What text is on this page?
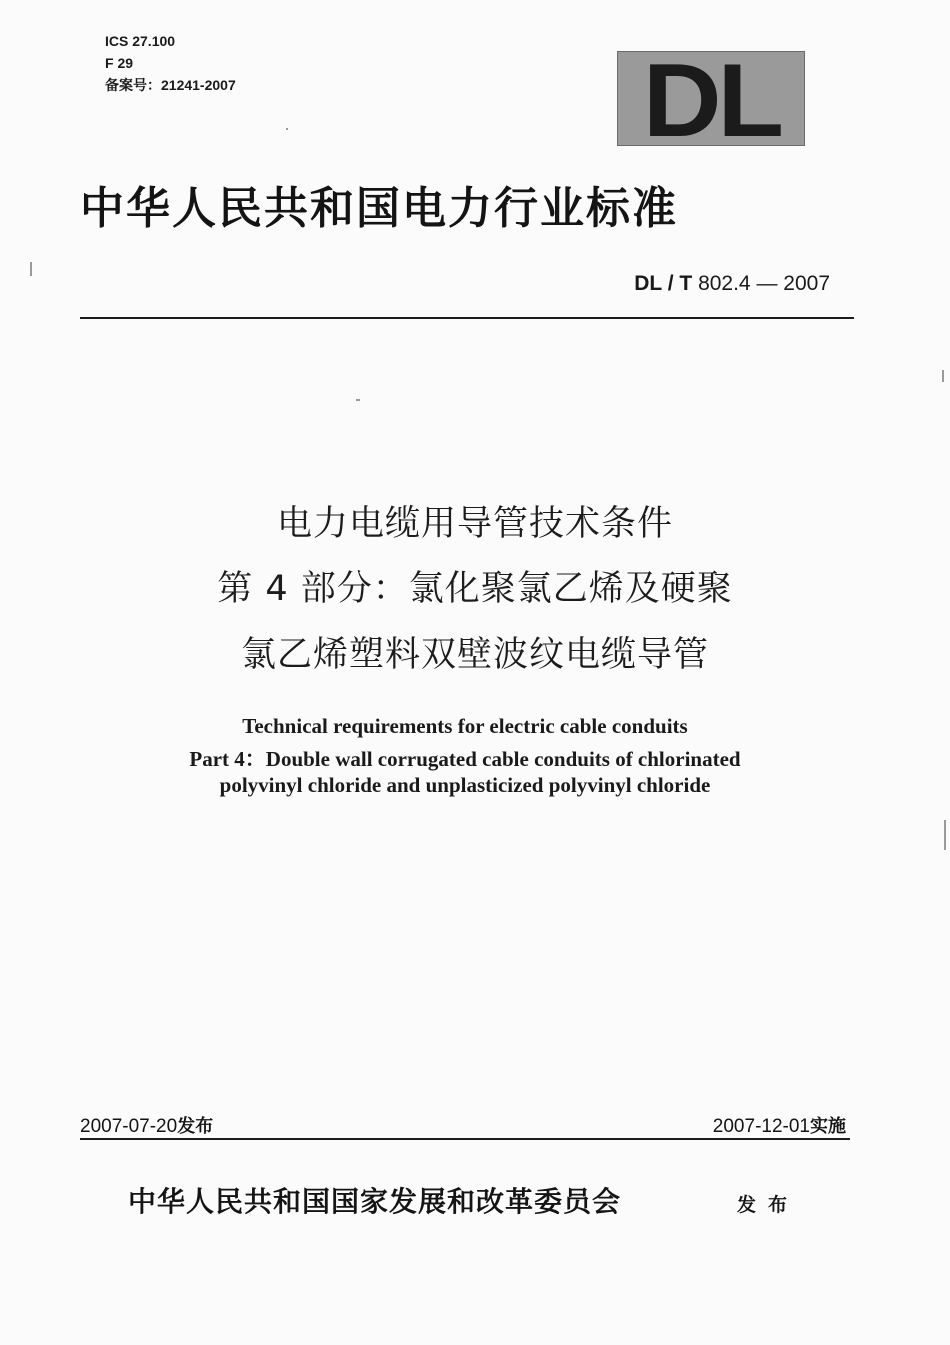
ICS 27.100
F 29
备案号：21241-2007	DL
中华人民共和国电力行业标准
DL / T 802.4 — 2007
电力电缆用导管技术条件
第 4 部分：氯化聚氯乙烯及硬聚
氯乙烯塑料双壁波纹电缆导管
Technical requirements for electric cable conduits
Part 4：Double wall corrugated cable conduits of chlorinated
polyvinyl chloride and unplasticized polyvinyl chloride
2007-07-20发布	2007-12-01实施
中华人民共和国国家发展和改革委员会	发布
